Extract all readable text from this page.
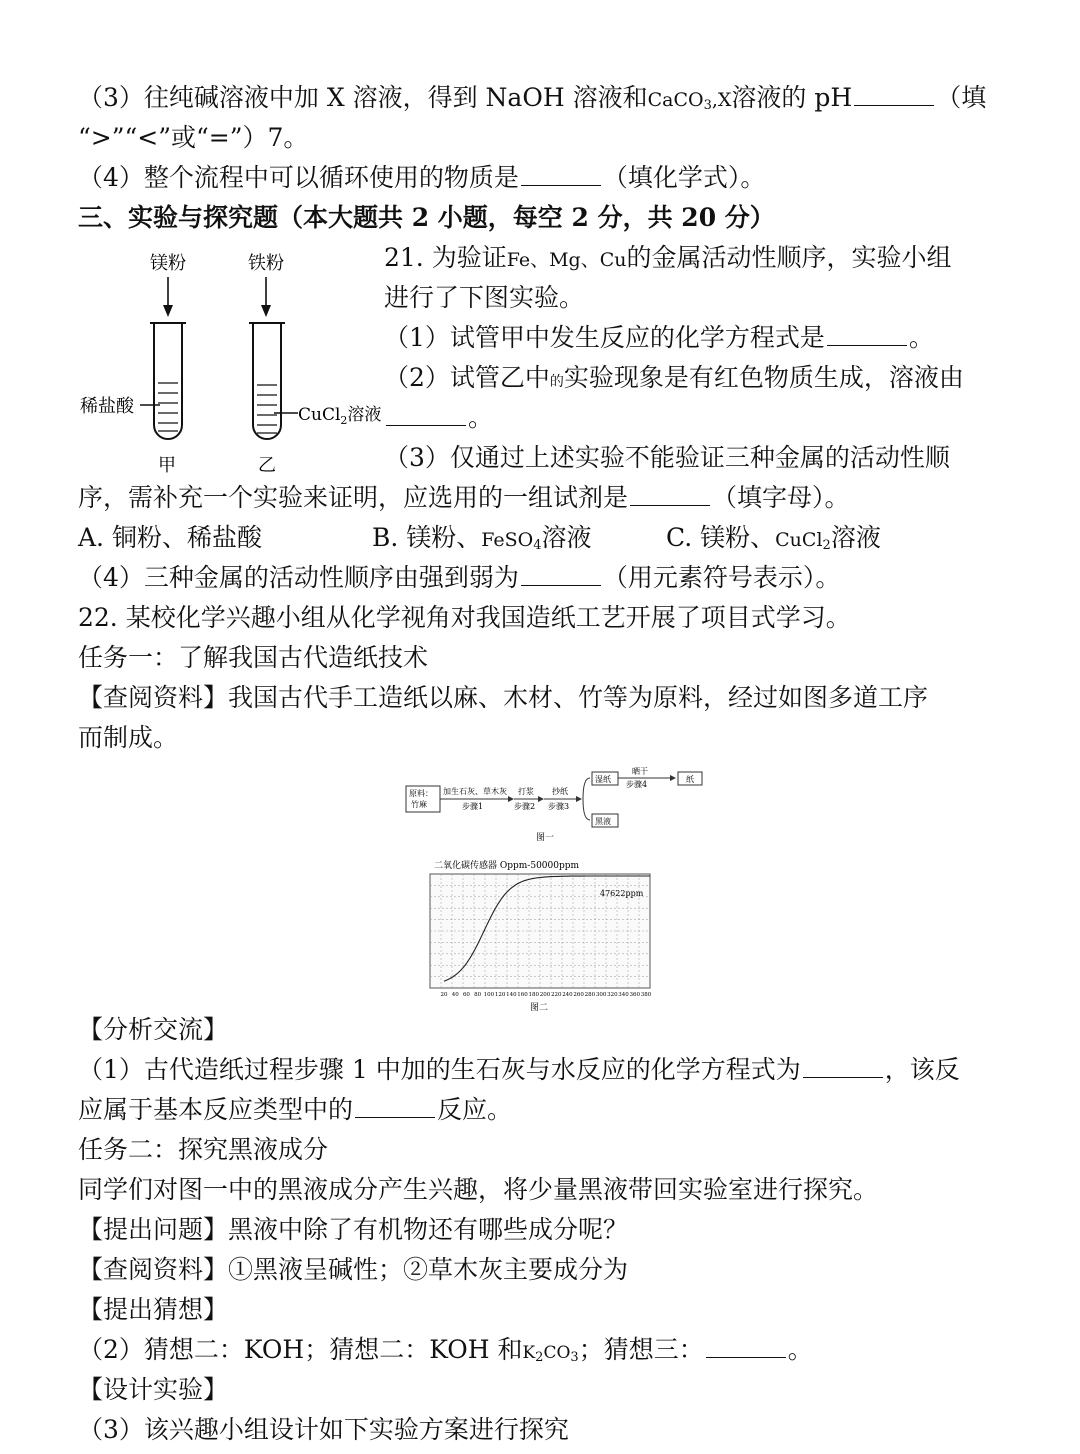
（3）往纯碱溶液中加 X 溶液，得到 NaOH 溶液和CaCO$_3$,X溶液的 pH	（填
“>”“<”或“=”）7。
（4）整个流程中可以循环使用的物质是	（填化学式）。
三、实验与探究题（本大题共 2 小题，每空 2 分，共 20 分）
镁粉	铁粉
稀盐酸	CuCl$_2$溶液
甲	乙
21. 为验证Fe、Mg、Cu的金属活动性顺序，实验小组
进行了下图实验。
（1）试管甲中发生反应的化学方程式是	。
（2）试管乙中的实验现象是有红色物质生成，溶液由
。
（3）仅通过上述实验不能验证三种金属的活动性顺
序，需补充一个实验来证明，应选用的一组试剂是	（填字母）。
A. 铜粉、稀盐酸	B. 镁粉、FeSO$_4$溶液	C. 镁粉、CuCl$_2$溶液
（4）三种金属的活动性顺序由强到弱为	（用元素符号表示）。
22. 某校化学兴趣小组从化学视角对我国造纸工艺开展了项目式学习。
任务一：了解我国古代造纸技术
【查阅资料】我国古代手工造纸以麻、木材、竹等为原料，经过如图多道工序
而制成。
原料：
竹麻
加生石灰、草木灰
步骤1
打浆
步骤2
抄纸
步骤3
湿纸
晒干
步骤4
纸
黑液
图一
二氧化碳传感器 Oppm-50000ppm
47622ppm
20 40 60 80 100 120 140 160 180 200 220 240 260 280 300 320 340 360 380
图二
【分析交流】
（1）古代造纸过程步骤 1 中加的生石灰与水反应的化学方程式为	，该反
应属于基本反应类型中的	反应。
任务二：探究黑液成分
同学们对图一中的黑液成分产生兴趣，将少量黑液带回实验室进行探究。
【提出问题】黑液中除了有机物还有哪些成分呢？
【查阅资料】①黑液呈碱性；②草木灰主要成分为
【提出猜想】
（2）猜想二：KOH；猜想二：KOH 和$K_2CO_3$；猜想三：	。
【设计实验】
（3）该兴趣小组设计如下实验方案进行探究
